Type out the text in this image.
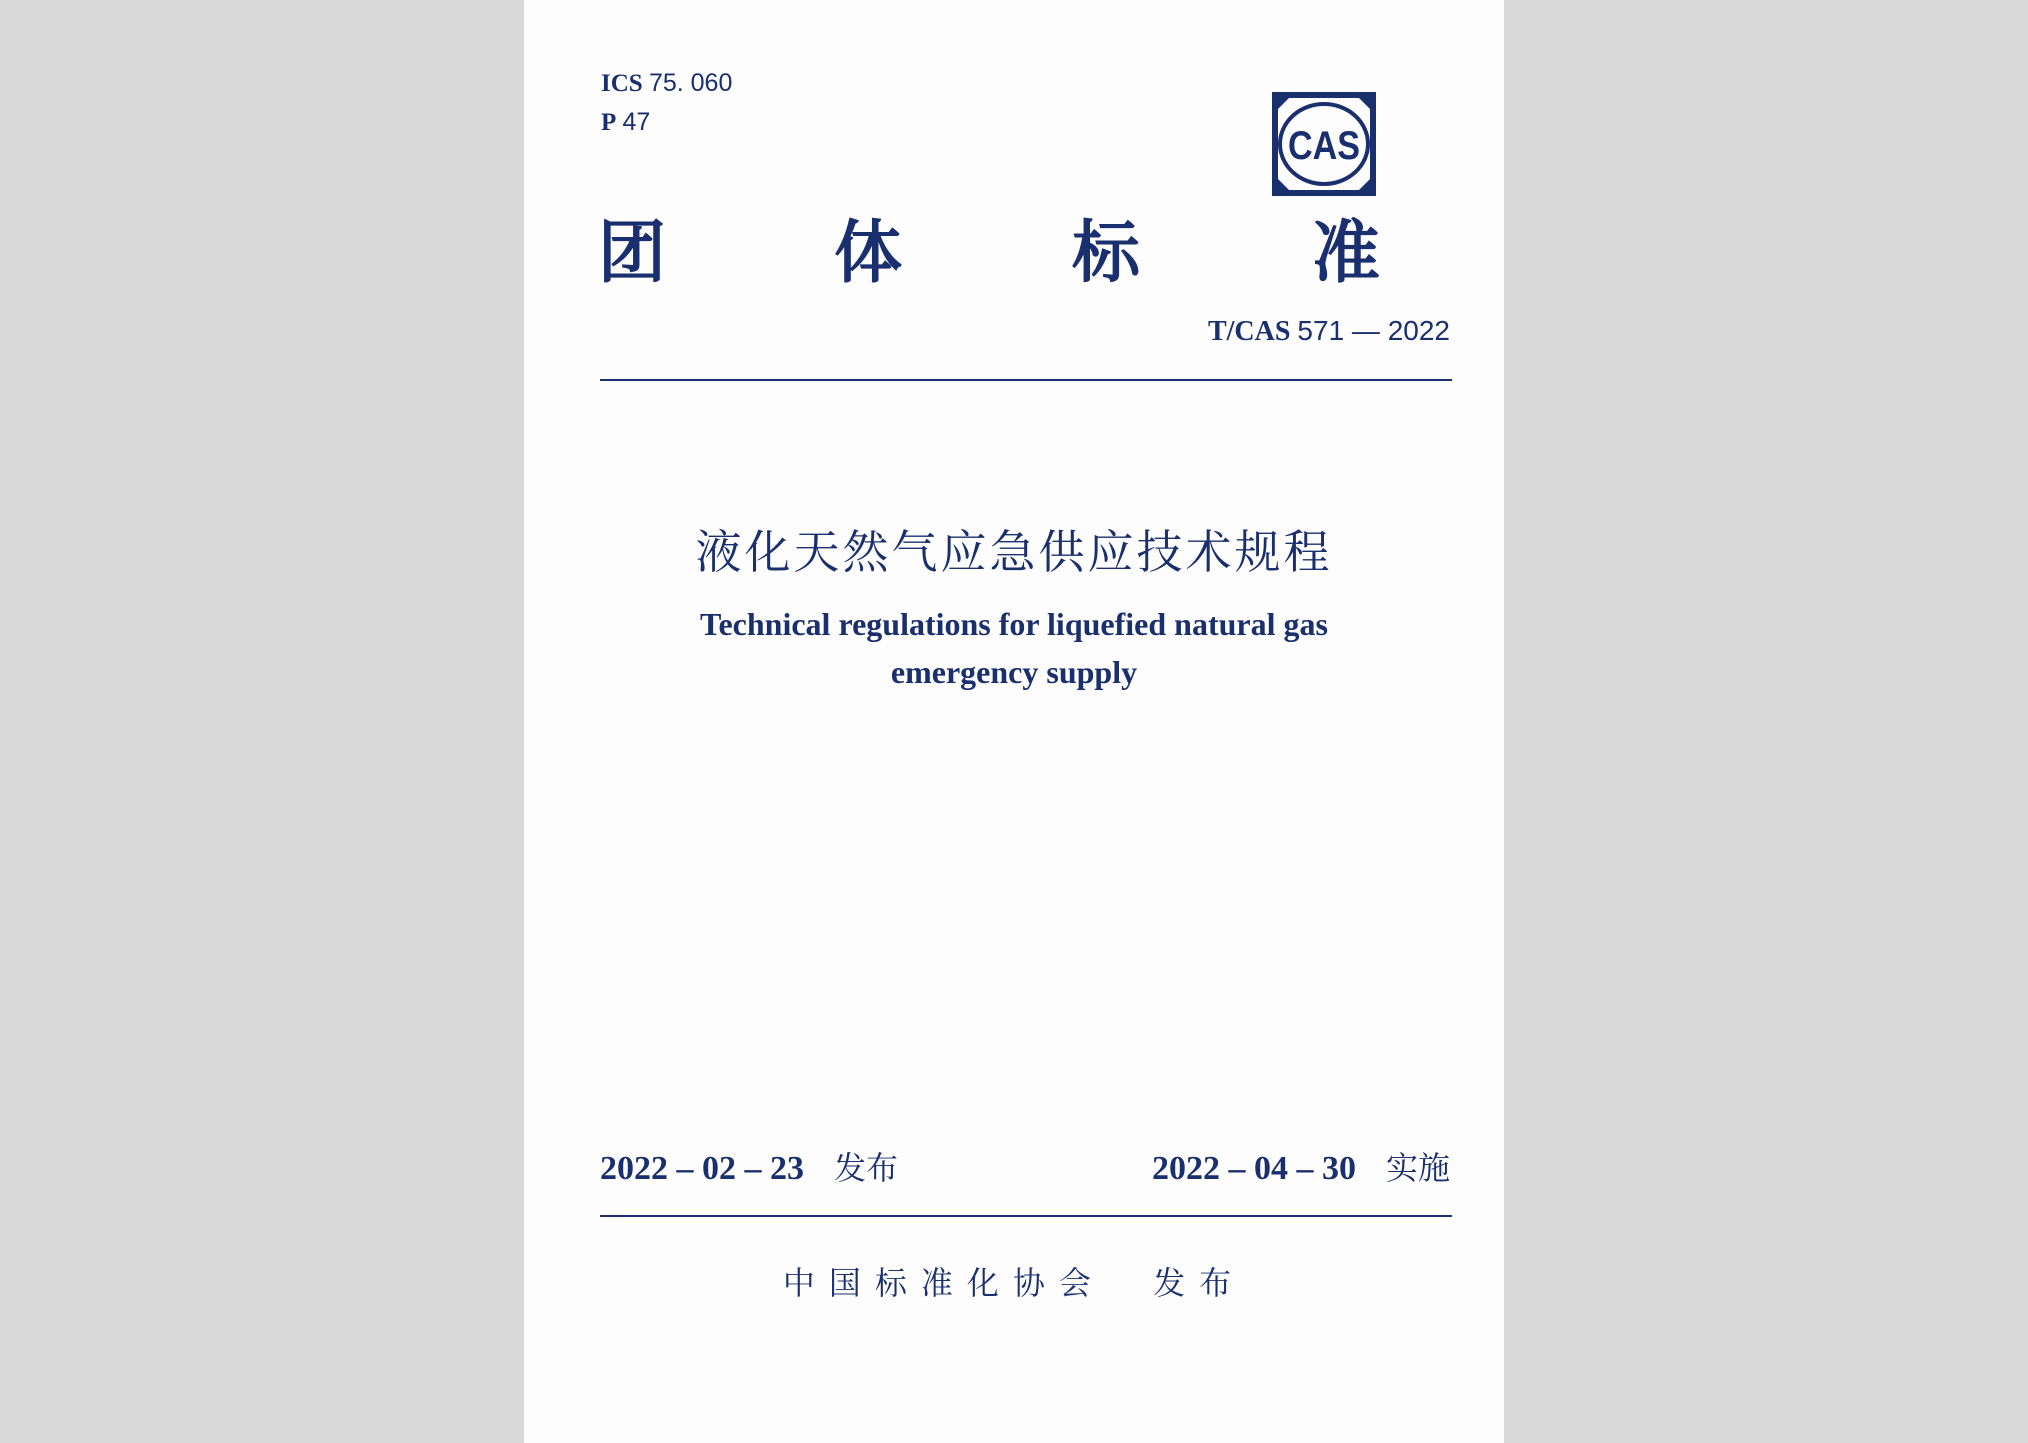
ICS 75. 060
P 47
CAS
团 体 标	准
T/CAS 571 — 2022
液化天然气应急供应技术规程
Technical regulations for liquefied natural gas
emergency supply
2022 – 02 – 23 发布	2022 – 04 – 30 实施
中国标准化协会  发布
